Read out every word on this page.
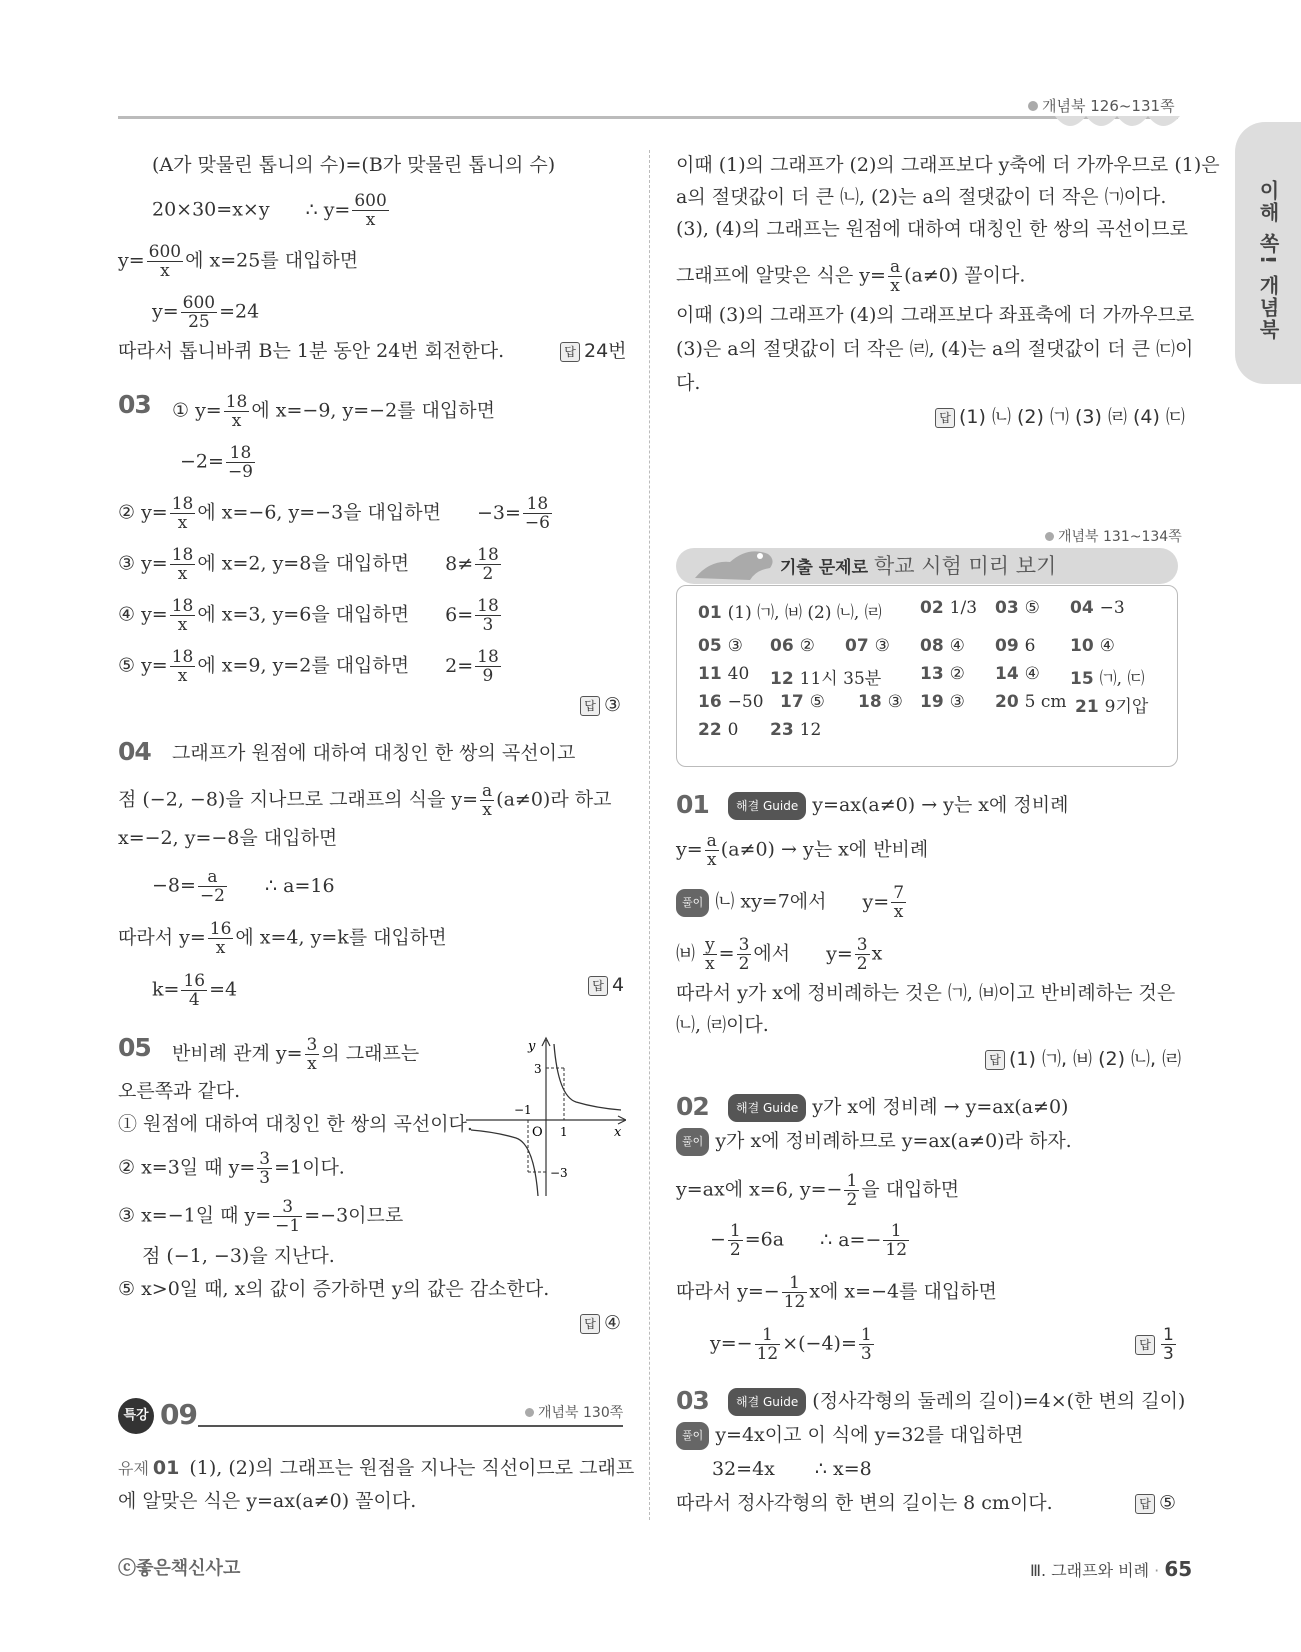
개념북 126~131쪽
이해 쏙! 개념북
(A가 맞물린 톱니의 수)=(B가 맞물린 톱니의 수)
20×30=x×y ∴ $y= \frac{600}{x}$
$y= \frac{600}{x}$ 에 x=25를 대입하면
$y= \frac{600}{25} =24$
따라서 톱니바퀴 B는 1분 동안 24번 회전한다.	답 24번
03 ① $y= \frac{18}{x}$ 에 x=−9, y=−2를 대입하면
$-2= \frac{18}{-9}$
② $y= \frac{18}{x}$ 에 x=−6, y=−3을 대입하면 $-3= \frac{18}{-6}$
③ $y= \frac{18}{x}$ 에 x=2, y=8을 대입하면 $8\ne \frac{18}{2}$
④ $y= \frac{18}{x}$ 에 x=3, y=6을 대입하면 $6= \frac{18}{3}$
⑤ $y= \frac{18}{x}$ 에 x=9, y=2를 대입하면 $2= \frac{18}{9}$
답 ③
04 그래프가 원점에 대하여 대칭인 한 쌍의 곡선이고
점 (−2, −8)을 지나므로 그래프의 식을 $y= \frac{a}{x} (a\ne 0)$라 하고
x=−2, y=−8을 대입하면
$-8= \frac{a}{-2}$ ∴ a=16
따라서 $y= \frac{16}{x}$ 에 x=4, y=k를 대입하면
$k= \frac{16}{4} =4$	답 4
05 반비례 관계 $y= \frac{3}{x}$ 의 그래프는
오른쪽과 같다.
① 원점에 대하여 대칭인 한 쌍의 곡선이다.
② x=3일 때 $y= \frac{3}{3} =1$이다.
③ x=−1일 때 $y= \frac{3}{-1} =-3$이므로
점 (−1, −3)을 지난다.
⑤ x>0일 때, x의 값이 증가하면 y의 값은 감소한다.
답 ④
y
x
O
3
−1
1
−3
특강 09	개념북 130쪽
유제 01 (1), (2)의 그래프는 원점을 지나는 직선이므로 그래프
에 알맞은 식은 y=ax(a≠0) 꼴이다.
이때 (1)의 그래프가 (2)의 그래프보다 y축에 더 가까우므로 (1)은
a의 절댓값이 더 큰 ㈁, (2)는 a의 절댓값이 더 작은 ㈀이다.
(3), (4)의 그래프는 원점에 대하여 대칭인 한 쌍의 곡선이므로
그래프에 알맞은 식은 $y= \frac{a}{x} (a\ne 0)$ 꼴이다.
이때 (3)의 그래프가 (4)의 그래프보다 좌표축에 더 가까우므로
(3)은 a의 절댓값이 더 작은 ㈃, (4)는 a의 절댓값이 더 큰 ㈂이
다.
답 (1) ㈁ (2) ㈀ (3) ㈃ (4) ㈂
개념북 131~134쪽
기출 문제로 학교 시험 미리 보기
01 (1) ㈀, ㈅ (2) ㈁, ㈃ 02 1/3 03 ⑤ 04 −3
05 ③ 06 ② 07 ③ 08 ④ 09 6 10 ④
11 40 12 11시 35분 13 ② 14 ④ 15 ㈀, ㈂
16 −50 17 ⑤ 18 ③ 19 ③ 20 5 cm 21 9기압
22 0 23 12
01	해결 Guide y=ax(a≠0) → y는 x에 정비례
$y= \frac{a}{x} (a\ne 0) \to y$는 x에 반비례
풀이 ㈁ xy=7에서 $y= \frac{7}{x}$
㈅ $\frac{y}{x} = \frac{3}{2}$ 에서 $y= \frac{3}{2}$ x
따라서 y가 x에 정비례하는 것은 ㈀, ㈅이고 반비례하는 것은
㈁, ㈃이다.
답 (1) ㈀, ㈅ (2) ㈁, ㈃
02	해결 Guide y가 x에 정비례 → y=ax(a≠0)
풀이 y가 x에 정비례하므로 y=ax(a≠0)라 하자.
y=ax에 x=6, $y=- \frac{1}{2}$ 을 대입하면
− $\frac{1}{2} =6a$ ∴ $a=- \frac{1}{12}$
따라서 $y=- \frac{1}{12}$ x에 x=−4를 대입하면
$y=- \frac{1}{12} \times(-4)= \frac{1}{3}$	답 $\frac{1}{3}$
03	해결 Guide (정사각형의 둘레의 길이)=4×(한 변의 길이)
풀이 y=4x이고 이 식에 y=32를 대입하면
32=4x ∴ x=8
따라서 정사각형의 한 변의 길이는 8 cm이다.	답 ⑤
ⓒ좋은책신사고	Ⅲ. 그래프와 비례 · 65
